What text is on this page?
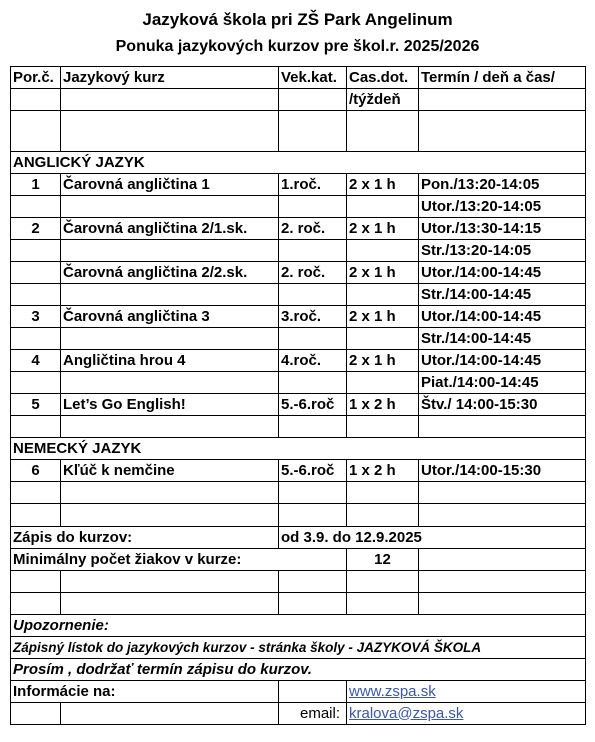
Jazyková škola pri ZŠ Park Angelinum
Ponuka jazykových kurzov pre škol.r. 2025/2026
Por.č.	Jazykový kurz	Vek.kat.	Cas.dot.	Termín / deň a čas/
			/týždeň	

ANGLICKÝ JAZYK				
1	Čarovná angličtina 1	1.roč.	2 x 1 h	Pon./13:20-14:05
				Utor./13:20-14:05
2	Čarovná angličtina 2/1.sk.	2. roč.	2 x 1 h	Utor./13:30-14:15
				Str./13:20-14:05
	Čarovná angličtina 2/2.sk.	2. roč.	2 x 1 h	Utor./14:00-14:45
				Str./14:00-14:45
3	Čarovná angličtina 3	3.roč.	2 x 1 h	Utor./14:00-14:45
				Str./14:00-14:45
4	Angličtina hrou 4	4.roč.	2 x 1 h	Utor./14:00-14:45
				Piat./14:00-14:45
5	Let’s Go English!	5.-6.roč	1 x 2 h	Štv./ 14:00-15:30

NEMECKÝ JAZYK				
6	Kľúč k nemčine	5.-6.roč	1 x 2 h	Utor./14:00-15:30

Zápis do kurzov:		od 3.9. do 12.9.2025		
Minimálny počet žiakov v kurze:			12	

Upozornenie:				
Zápisný lístok do jazykových kurzov - stránka školy - JAZYKOVÁ ŠKOLA				
Prosím , dodržať termín zápisu do kurzov.				
Informácie na:			www.zspa.sk	
		email:	kralova@zspa.sk	
